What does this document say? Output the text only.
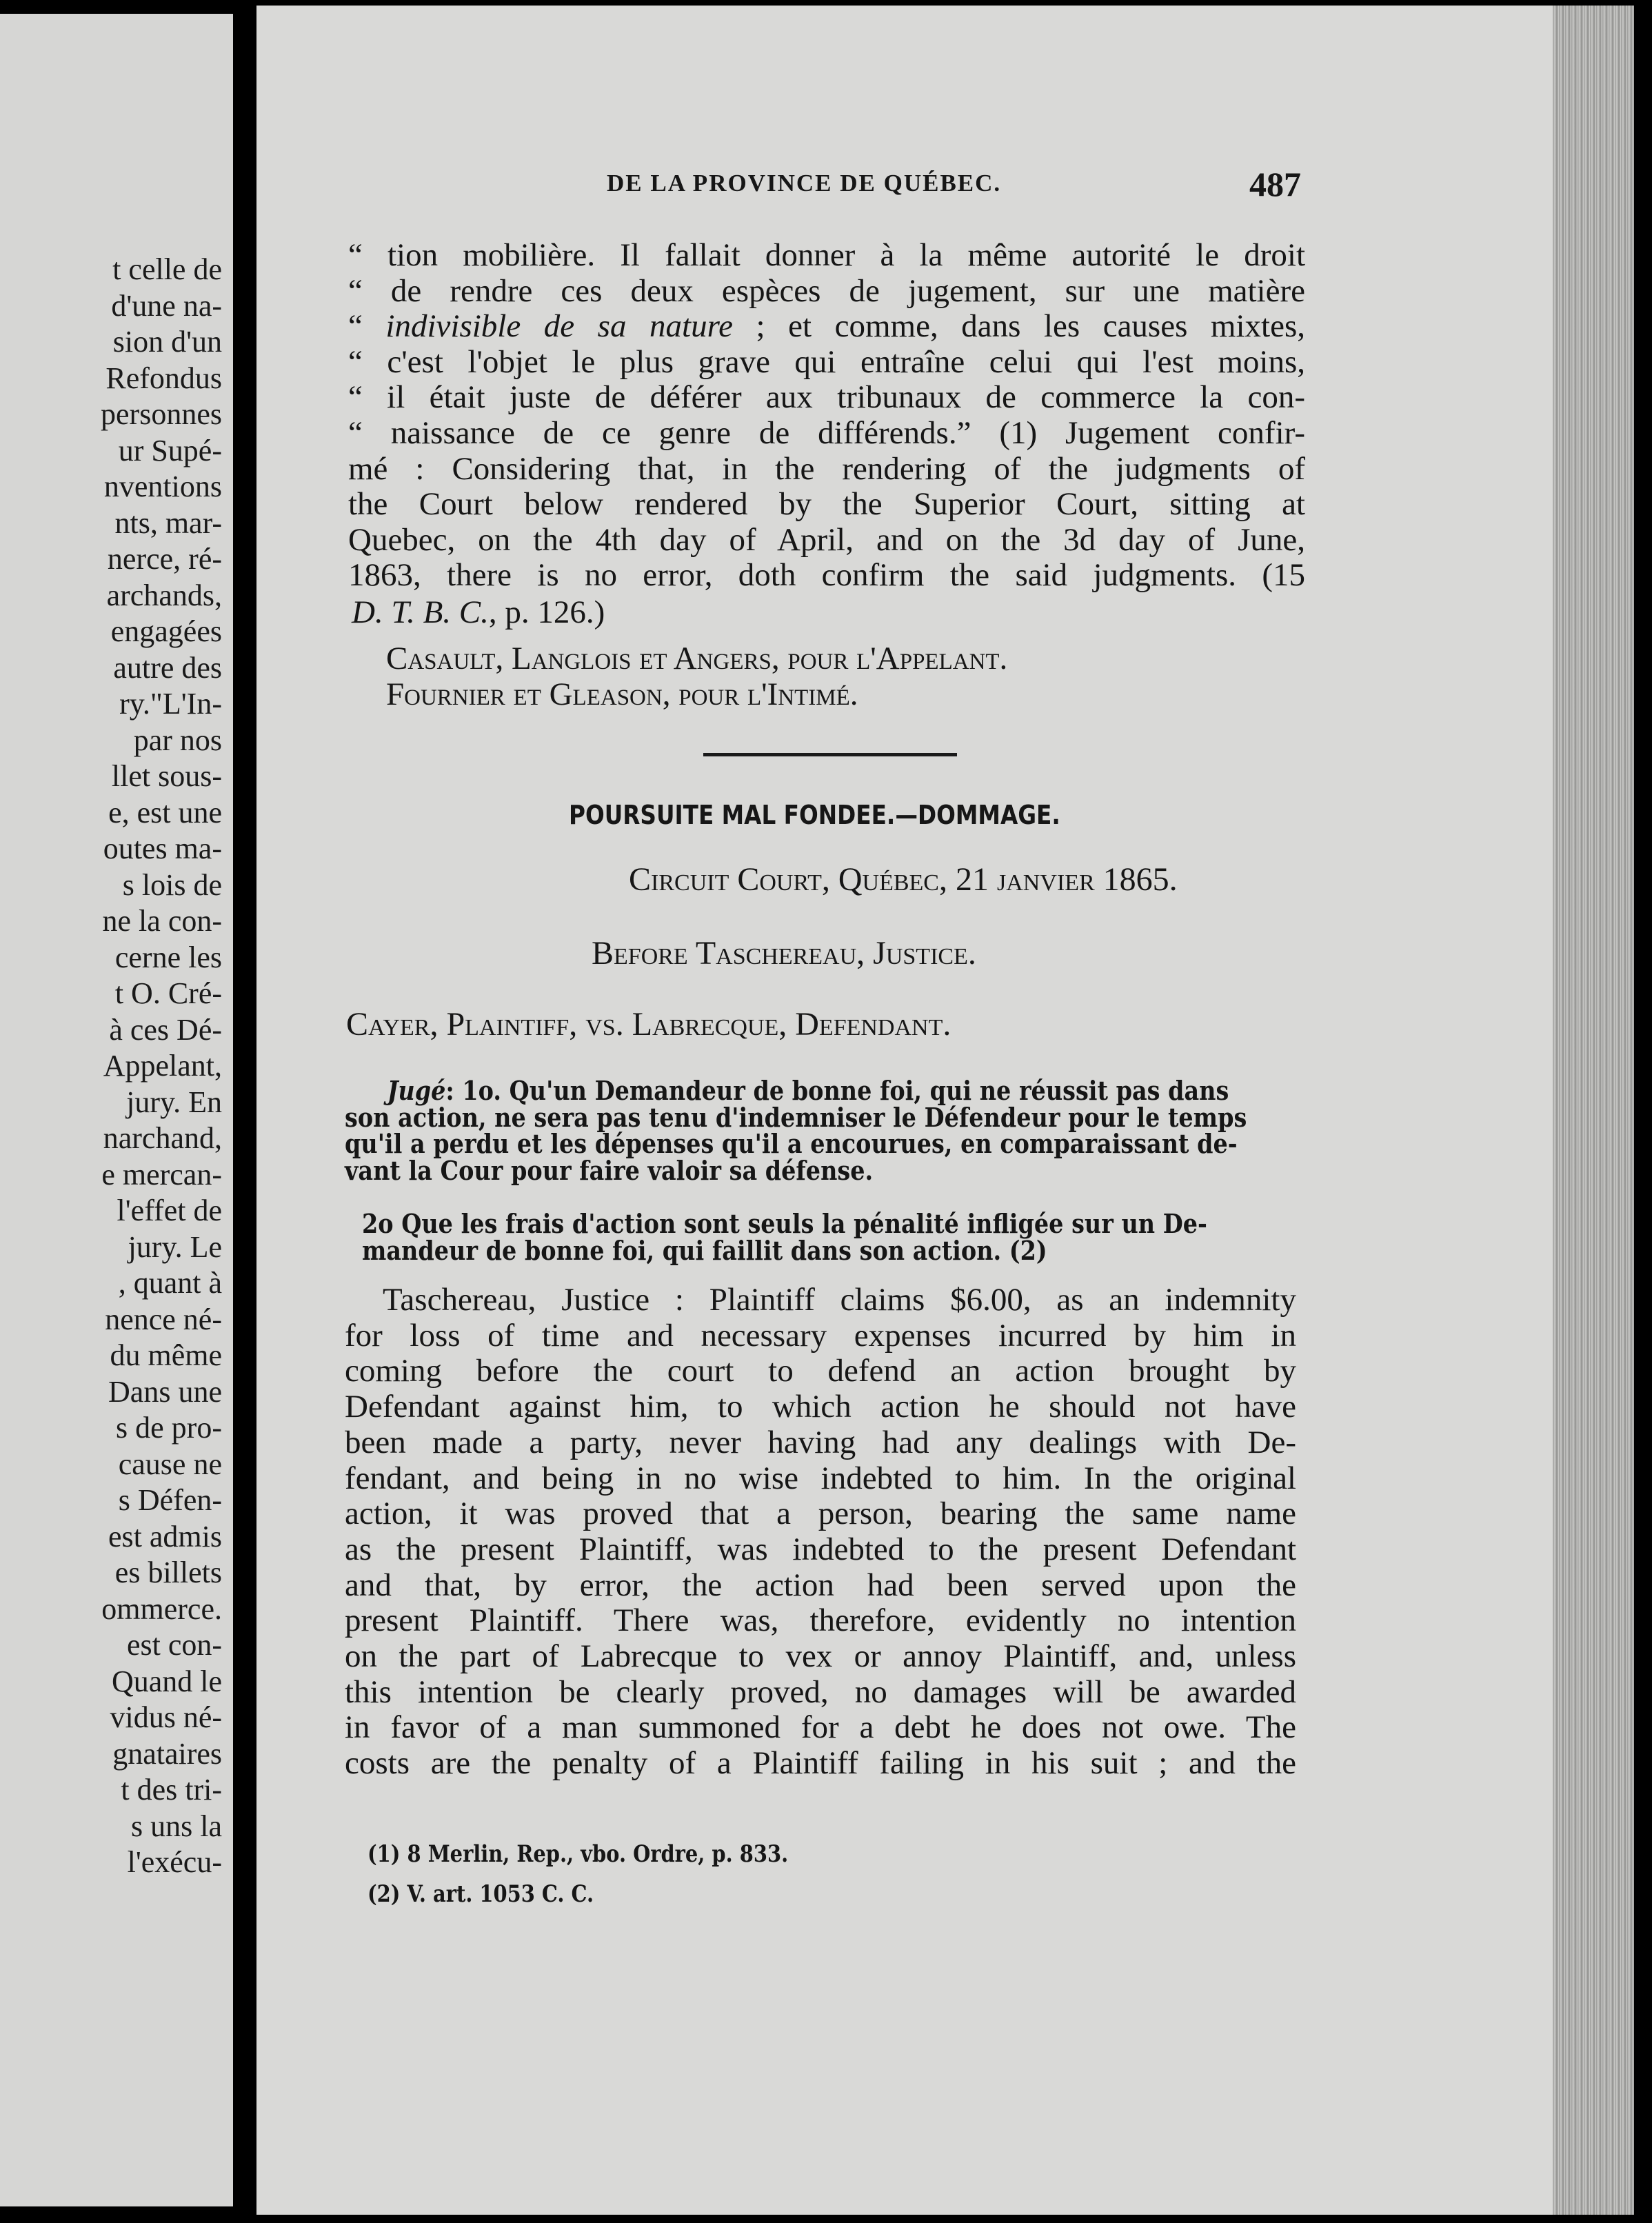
t celle de
d'une na-
sion d'un
Refondus
personnes
ur Supé-
nventions
nts, mar-
nerce, ré-
archands,
engagées
autre des
ry."L'In-
par nos
llet sous-
e, est une
outes ma-
s lois de
ne la con-
cerne les
t O. Cré-
à ces Dé-
Appelant,
jury. En
narchand,
e mercan-
l'effet de
jury. Le
, quant à
nence né-
du même
Dans une
s de pro-
cause ne
s Défen-
est admis
es billets
ommerce.
est con-
Quand le
vidus né-
gnataires
t des tri-
s uns la
l'exécu-
DE LA PROVINCE DE QUÉBEC.	487
“ tion mobilière. Il fallait donner à la même autorité le droit
“ de rendre ces deux espèces de jugement, sur une matière
“ indivisible de sa nature ; et comme, dans les causes mixtes,
“ c'est l'objet le plus grave qui entraîne celui qui l'est moins,
“ il était juste de déférer aux tribunaux de commerce la con-
“ naissance de ce genre de différends.” (1) Jugement confir-
mé : Considering that, in the rendering of the judgments of
the Court below rendered by the Superior Court, sitting at
Quebec, on the 4th day of April, and on the 3d day of June,
1863, there is no error, doth confirm the said judgments. (15
D. T. B. C., p. 126.)
Casault, Langlois et Angers, pour l'Appelant.
Fournier et Gleason, pour l'Intimé.
POURSUITE MAL FONDEE.—DOMMAGE.
Circuit Court, Québec, 21 janvier 1865.
Before Taschereau, Justice.
Cayer, Plaintiff, vs. Labrecque, Defendant.
Jugé: 1o. Qu'un Demandeur de bonne foi, qui ne réussit pas dans
son action, ne sera pas tenu d'indemniser le Défendeur pour le temps
qu'il a perdu et les dépenses qu'il a encourues, en comparaissant de-
vant la Cour pour faire valoir sa défense.
2o Que les frais d'action sont seuls la pénalité infligée sur un De-
mandeur de bonne foi, qui faillit dans son action. (2)
Taschereau, Justice : Plaintiff claims $6.00, as an indemnity
for loss of time and necessary expenses incurred by him in
coming before the court to defend an action brought by
Defendant against him, to which action he should not have
been made a party, never having had any dealings with De-
fendant, and being in no wise indebted to him. In the original
action, it was proved that a person, bearing the same name
as the present Plaintiff, was indebted to the present Defendant
and that, by error, the action had been served upon the
present Plaintiff. There was, therefore, evidently no intention
on the part of Labrecque to vex or annoy Plaintiff, and, unless
this intention be clearly proved, no damages will be awarded
in favor of a man summoned for a debt he does not owe. The
costs are the penalty of a Plaintiff failing in his suit ; and the
(1) 8 Merlin, Rep., vbo. Ordre, p. 833.
(2) V. art. 1053 C. C.
